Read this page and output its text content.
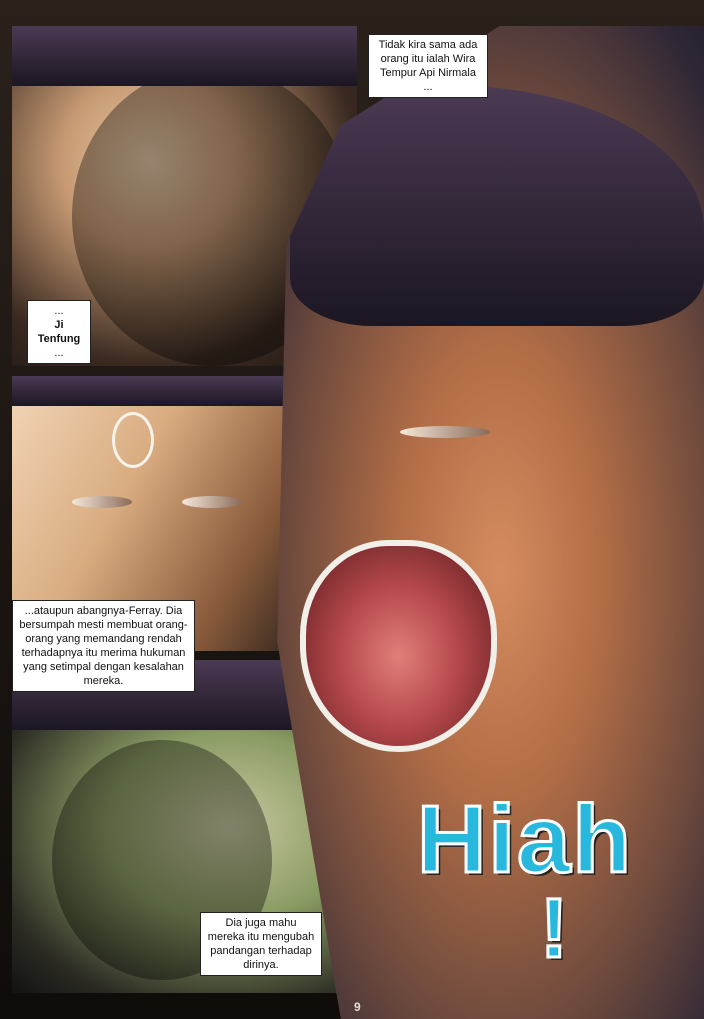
Tidak kira sama ada orang itu ialah Wira Tempur Api Nirmala ...
...
Ji Tenfung
...
...ataupun abangnya-Ferray. Dia bersumpah mesti membuat orang-orang yang memandang rendah terhadapnya itu merima hukuman yang setimpal dengan kesalahan mereka.
Dia juga mahu mereka itu mengubah pandangan terhadap dirinya.
Hiah
!
9
